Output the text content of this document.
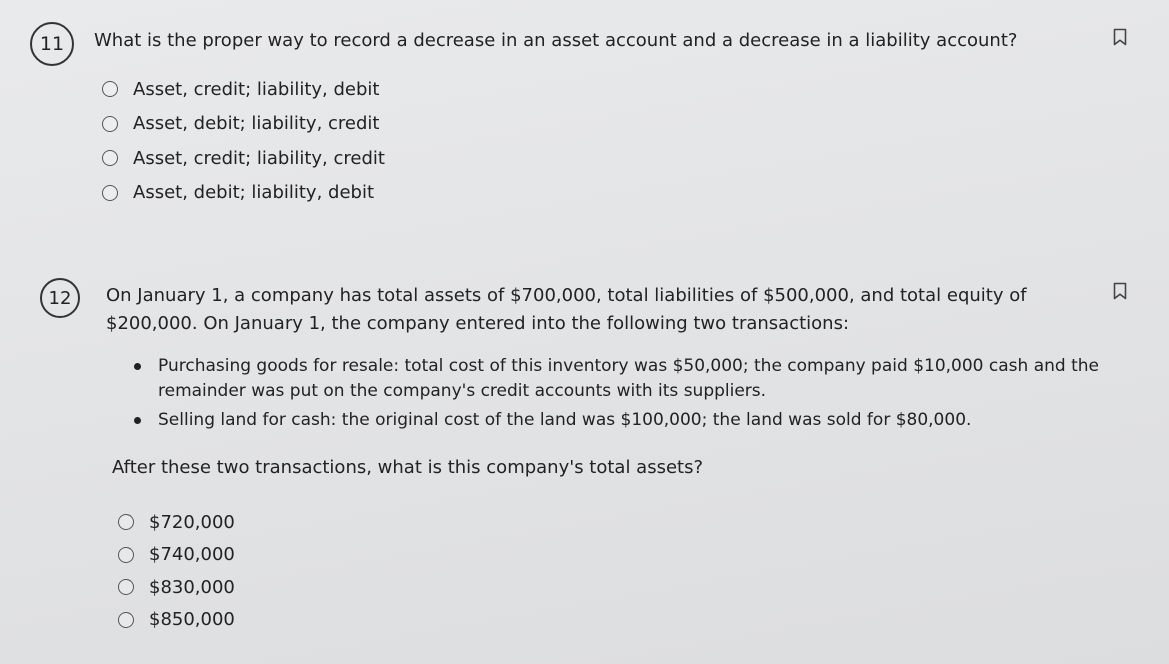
11	What is the proper way to record a decrease in an asset account and a decrease in a liability account?
Asset, credit; liability, debit
Asset, debit; liability, credit
Asset, credit; liability, credit
Asset, debit; liability, debit
12	On January 1, a company has total assets of $700,000, total liabilities of $500,000, and total equity of $200,000. On January 1, the company entered into the following two transactions:
Purchasing goods for resale: total cost of this inventory was $50,000; the company paid $10,000 cash and the remainder was put on the company's credit accounts with its suppliers.
Selling land for cash: the original cost of the land was $100,000; the land was sold for $80,000.
After these two transactions, what is this company's total assets?
$720,000
$740,000
$830,000
$850,000
